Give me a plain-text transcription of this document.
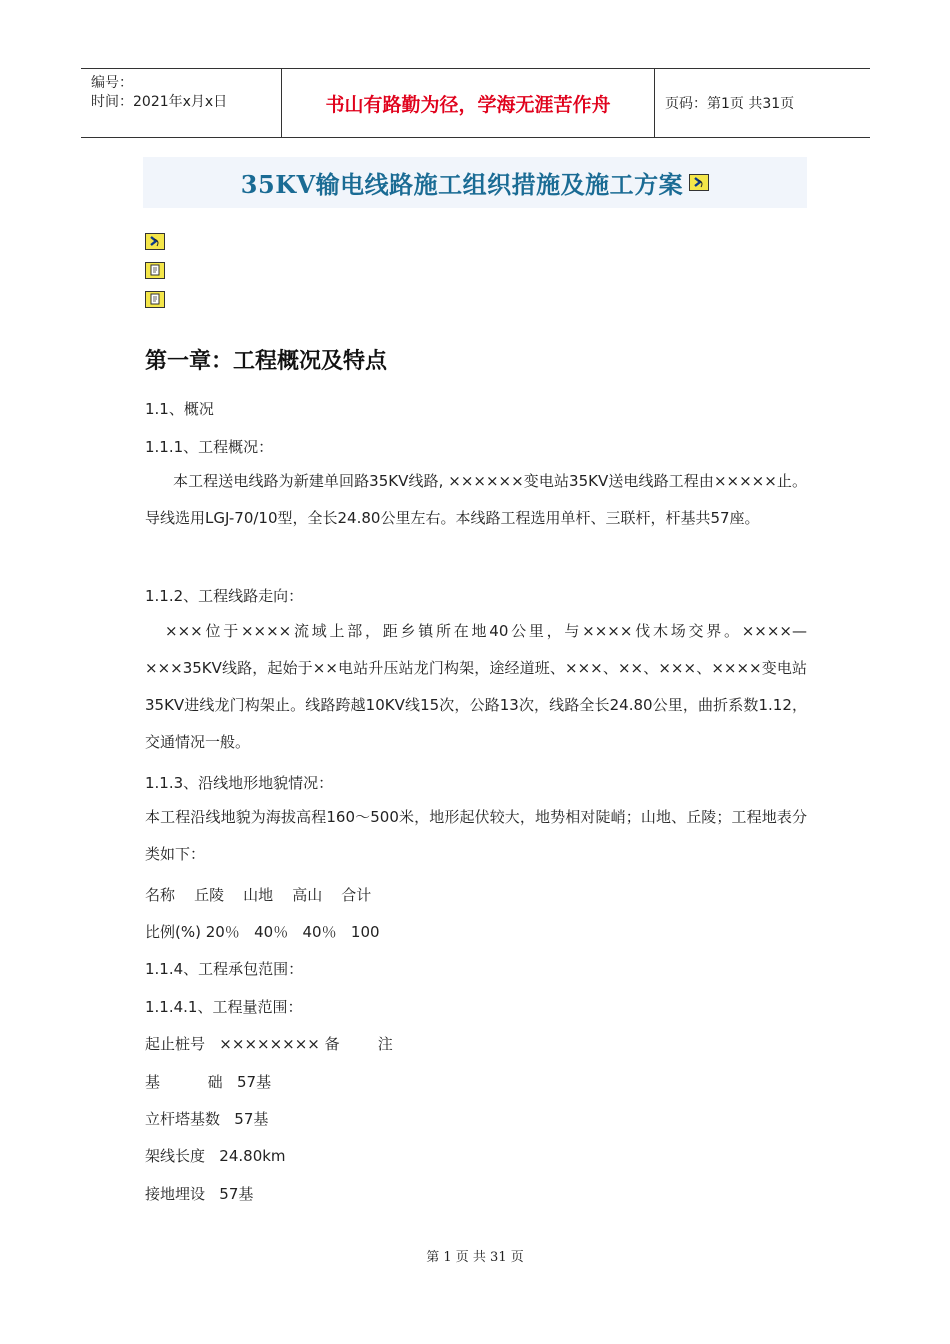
编号：
时间：2021年x月x日	书山有路勤为径，学海无涯苦作舟	页码：第1页 共31页
35KV输电线路施工组织措施及施工方案
第一章：工程概况及特点
1.1、概况
1.1.1、工程概况：
本工程送电线路为新建单回路35KV线路, ××××××变电站35KV送电线路工程由×××××止。导线选用LGJ-70/10型，全长24.80公里左右。本线路工程选用单杆、三联杆，杆基共57座。
1.1.2、工程线路走向：
×××位于××××流域上部，距乡镇所在地40公里，与××××伐木场交界。××××—×××35KV线路，起始于××电站升压站龙门构架，途经道班、×××、××、×××、××××变电站35KV进线龙门构架止。线路跨越10KV线15次，公路13次，线路全长24.80公里，曲折系数1.12，交通情况一般。
1.1.3、沿线地形地貌情况：
本工程沿线地貌为海拔高程160～500米，地形起伏较大，地势相对陡峭；山地、丘陵；工程地表分类如下：
名称    丘陵    山地    高山    合计
比例(%) 20％   40％   40％   100
1.1.4、工程承包范围：
1.1.4.1、工程量范围：
起止桩号   ×××××××× 备        注
基          础   57基
立杆塔基数   57基
架线长度   24.80km
接地埋设   57基
第 1 页 共 31 页
